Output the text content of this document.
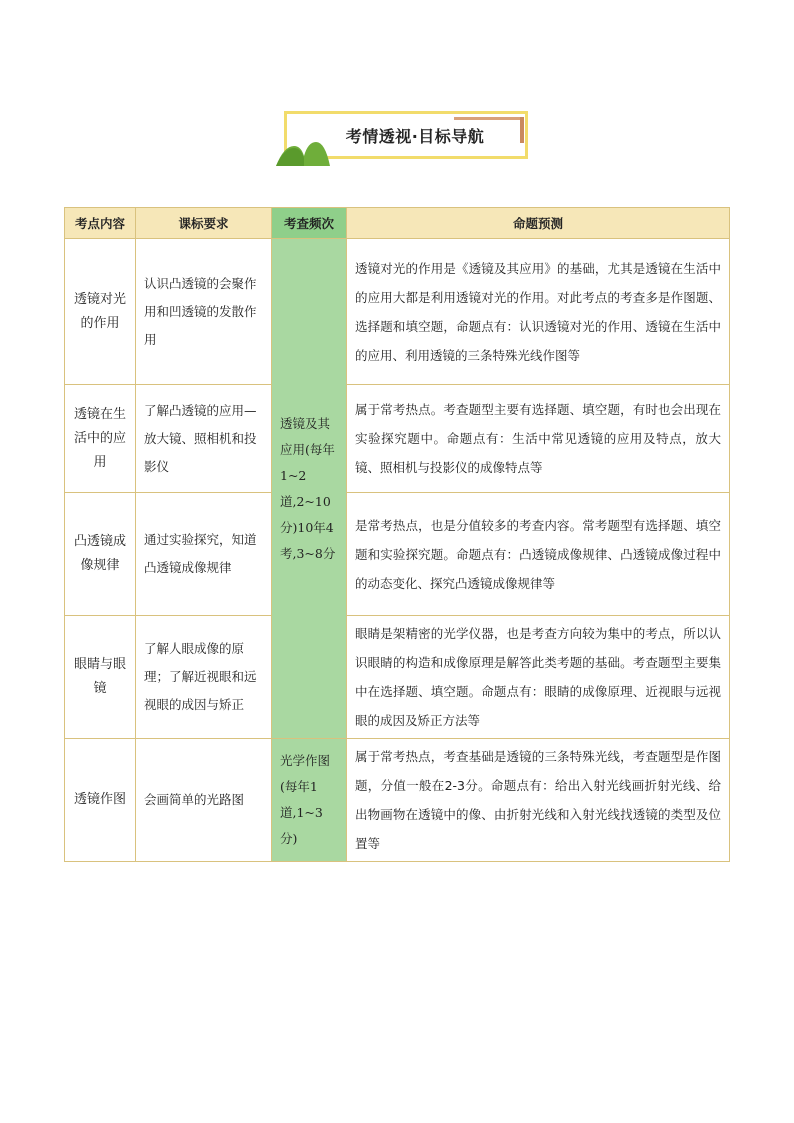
考情透视·目标导航
考点内容	课标要求	考查频次	命题预测
透镜对光的作用	认识凸透镜的会聚作用和凹透镜的发散作用	透镜及其应用(每年1~2道,2~10分)10年4考,3~8分	透镜对光的作用是《透镜及其应用》的基础，尤其是透镜在生活中的应用大都是利用透镜对光的作用。对此考点的考查多是作图题、选择题和填空题，命题点有：认识透镜对光的作用、透镜在生活中的应用、利用透镜的三条特殊光线作图等
透镜在生活中的应用	了解凸透镜的应用—放大镜、照相机和投影仪		属于常考热点。考查题型主要有选择题、填空题，有时也会出现在实验探究题中。命题点有：生活中常见透镜的应用及特点，放大镜、照相机与投影仪的成像特点等
凸透镜成像规律	通过实验探究，知道凸透镜成像规律		是常考热点，也是分值较多的考查内容。常考题型有选择题、填空题和实验探究题。命题点有：凸透镜成像规律、凸透镜成像过程中的动态变化、探究凸透镜成像规律等
眼睛与眼镜	了解人眼成像的原理；了解近视眼和远视眼的成因与矫正		眼睛是架精密的光学仪器，也是考查方向较为集中的考点，所以认识眼睛的构造和成像原理是解答此类考题的基础。考查题型主要集中在选择题、填空题。命题点有：眼睛的成像原理、近视眼与远视眼的成因及矫正方法等
透镜作图	会画简单的光路图	光学作图(每年1道,1~3分)	属于常考热点，考查基础是透镜的三条特殊光线，考查题型是作图题，分值一般在2-3分。命题点有：给出入射光线画折射光线、给出物画物在透镜中的像、由折射光线和入射光线找透镜的类型及位置等
